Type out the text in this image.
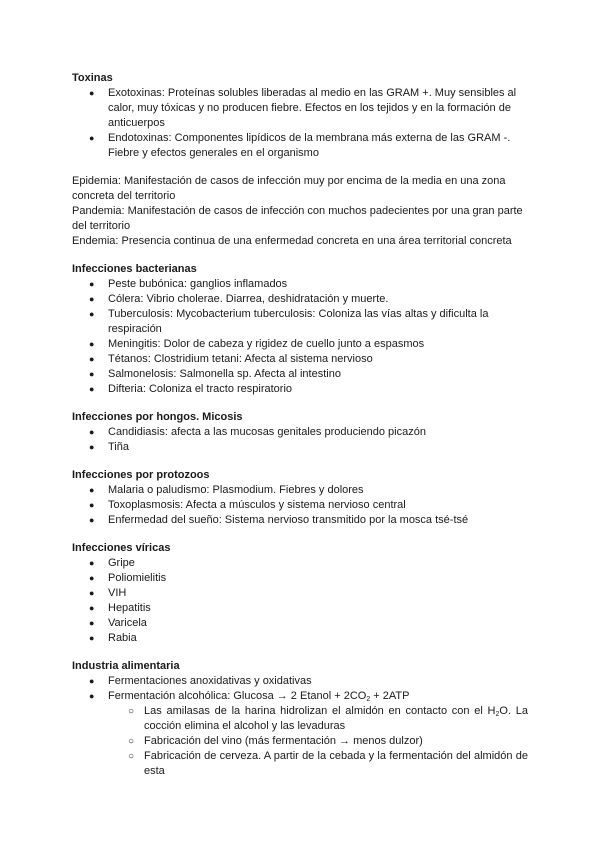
Toxinas

● Exotoxinas: Proteínas solubles liberadas al medio en las GRAM +. Muy sensibles al calor, muy tóxicas y no producen fiebre. Efectos en los tejidos y en la formación de anticuerpos
● Endotoxinas: Componentes lipídicos de la membrana más externa de las GRAM -. Fiebre y efectos generales en el organismo

Epidemia: Manifestación de casos de infección muy por encima de la media en una zona concreta del territorio

Pandemia: Manifestación de casos de infección con muchos padecientes por una gran parte del territorio

Endemia: Presencia continua de una enfermedad concreta en una área territorial concreta

Infecciones bacterianas

● Peste bubónica: ganglios inflamados
● Cólera: Vibrio cholerae. Diarrea, deshidratación y muerte.
● Tuberculosis: Mycobacterium tuberculosis: Coloniza las vías altas y dificulta la respiración
● Meningitis: Dolor de cabeza y rigidez de cuello junto a espasmos
● Tétanos: Clostridium tetani: Afecta al sistema nervioso
● Salmonelosis: Salmonella sp. Afecta al intestino
● Difteria: Coloniza el tracto respiratorio

Infecciones por hongos. Micosis

● Candidiasis: afecta a las mucosas genitales produciendo picazón
● Tiña

Infecciones por protozoos

● Malaria o paludismo: Plasmodium. Fiebres y dolores
● Toxoplasmosis: Afecta a músculos y sistema nervioso central
● Enfermedad del sueño: Sistema nervioso transmitido por la mosca tsé-tsé

Infecciones víricas

● Gripe
● Poliomielitis
● VIH
● Hepatitis
● Varicela
● Rabia

Industria alimentaria

● Fermentaciones anoxidativas y oxidativas
● Fermentación alcohólica: Glucosa → 2 Etanol + $2CO_2 + 2ATP$
○ Las amilasas de la harina hidrolizan el almidón en contacto con el $H_2O$. La cocción elimina el alcohol y las levaduras
○ Fabricación del vino (más fermentación → menos dulzor)
○ Fabricación de cerveza. A partir de la cebada y la fermentación del almidón de esta
